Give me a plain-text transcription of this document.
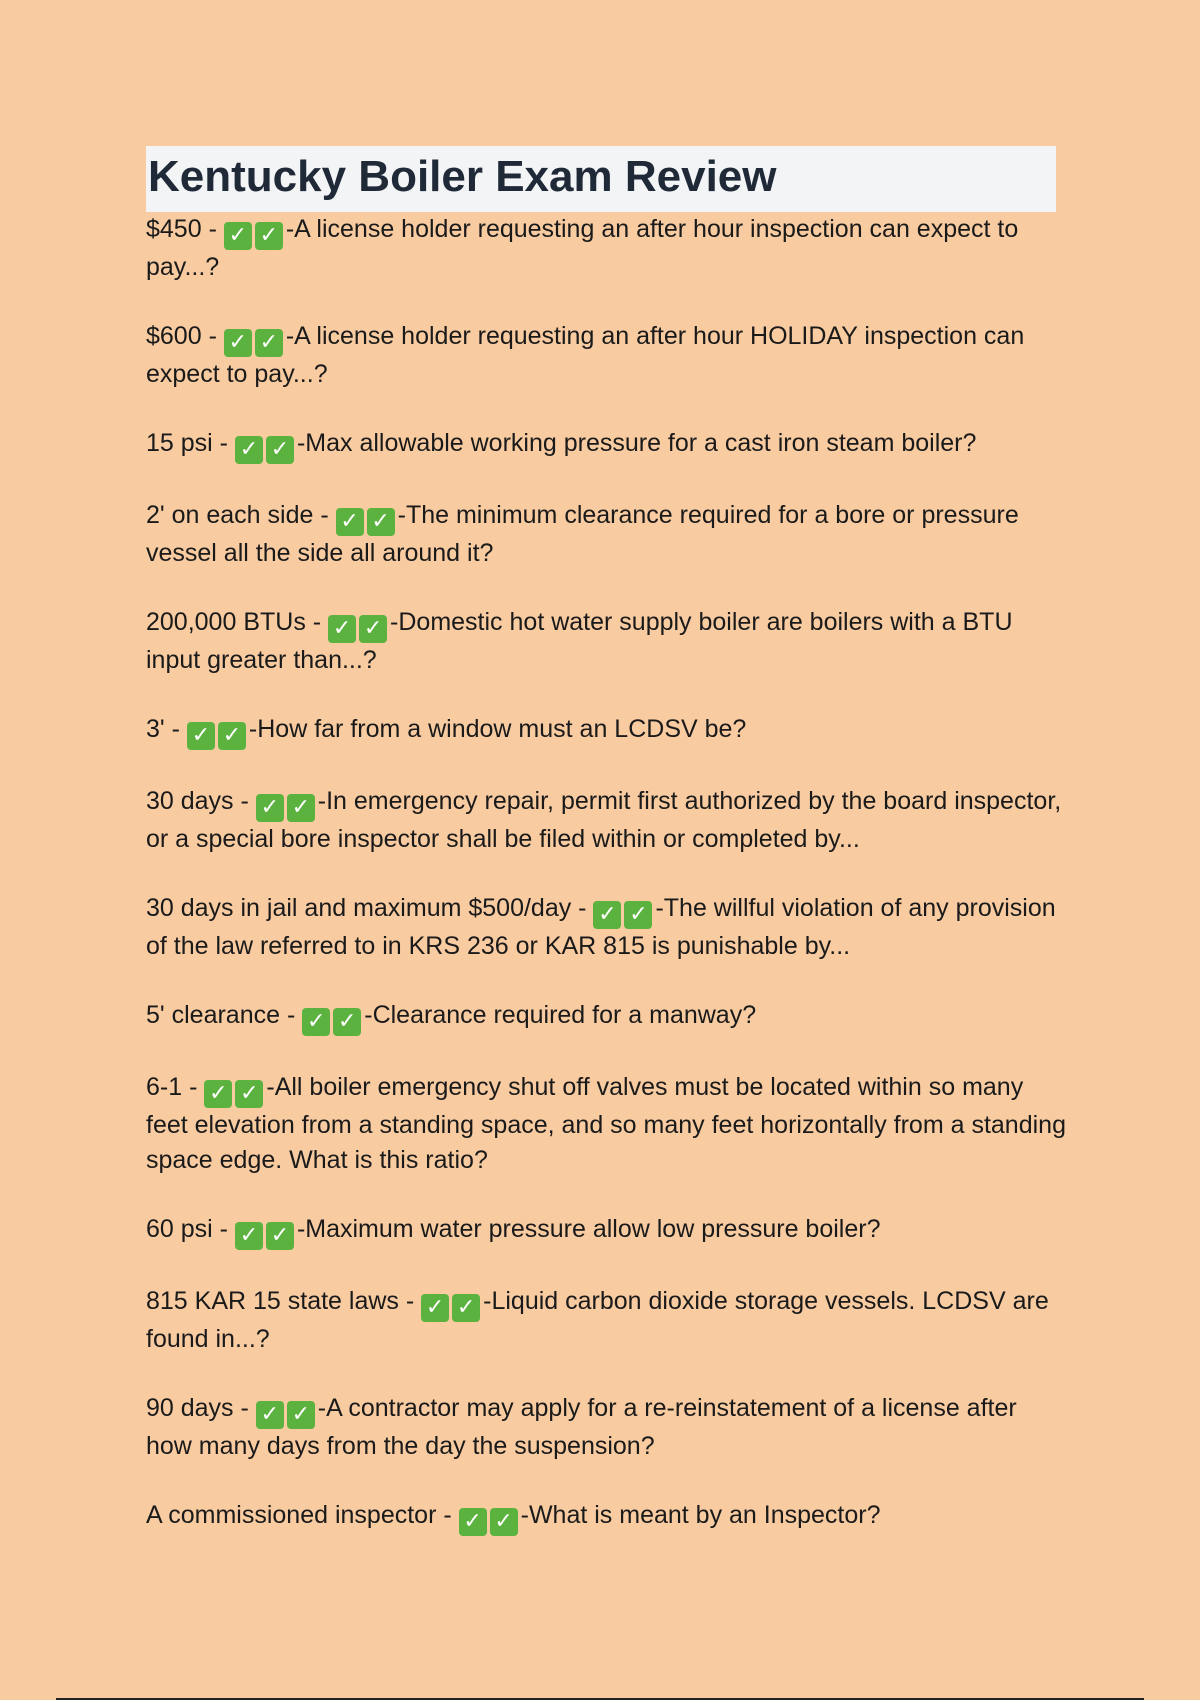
Kentucky Boiler Exam Review

$450 - ✓ ✓ -A license holder requesting an after hour inspection can expect to pay...?

$600 - ✓ ✓ -A license holder requesting an after hour HOLIDAY inspection can expect to pay...?

15 psi - ✓ ✓ -Max allowable working pressure for a cast iron steam boiler?

2' on each side - ✓ ✓ -The minimum clearance required for a bore or pressure vessel all the side all around it?

200,000 BTUs - ✓ ✓ -Domestic hot water supply boiler are boilers with a BTU input greater than...?

3' - ✓ ✓ -How far from a window must an LCDSV be?

30 days - ✓ ✓ -In emergency repair, permit first authorized by the board inspector, or a special bore inspector shall be filed within or completed by...

30 days in jail and maximum $500/day - ✓ ✓ -The willful violation of any provision of the law referred to in KRS 236 or KAR 815 is punishable by...

5' clearance - ✓ ✓ -Clearance required for a manway?

6-1 - ✓ ✓ -All boiler emergency shut off valves must be located within so many feet elevation from a standing space, and so many feet horizontally from a standing space edge. What is this ratio?

60 psi - ✓ ✓ -Maximum water pressure allow low pressure boiler?

815 KAR 15 state laws - ✓ ✓ -Liquid carbon dioxide storage vessels. LCDSV are found in...?

90 days - ✓ ✓ -A contractor may apply for a re-reinstatement of a license after how many days from the day the suspension?

A commissioned inspector - ✓ ✓ -What is meant by an Inspector?
